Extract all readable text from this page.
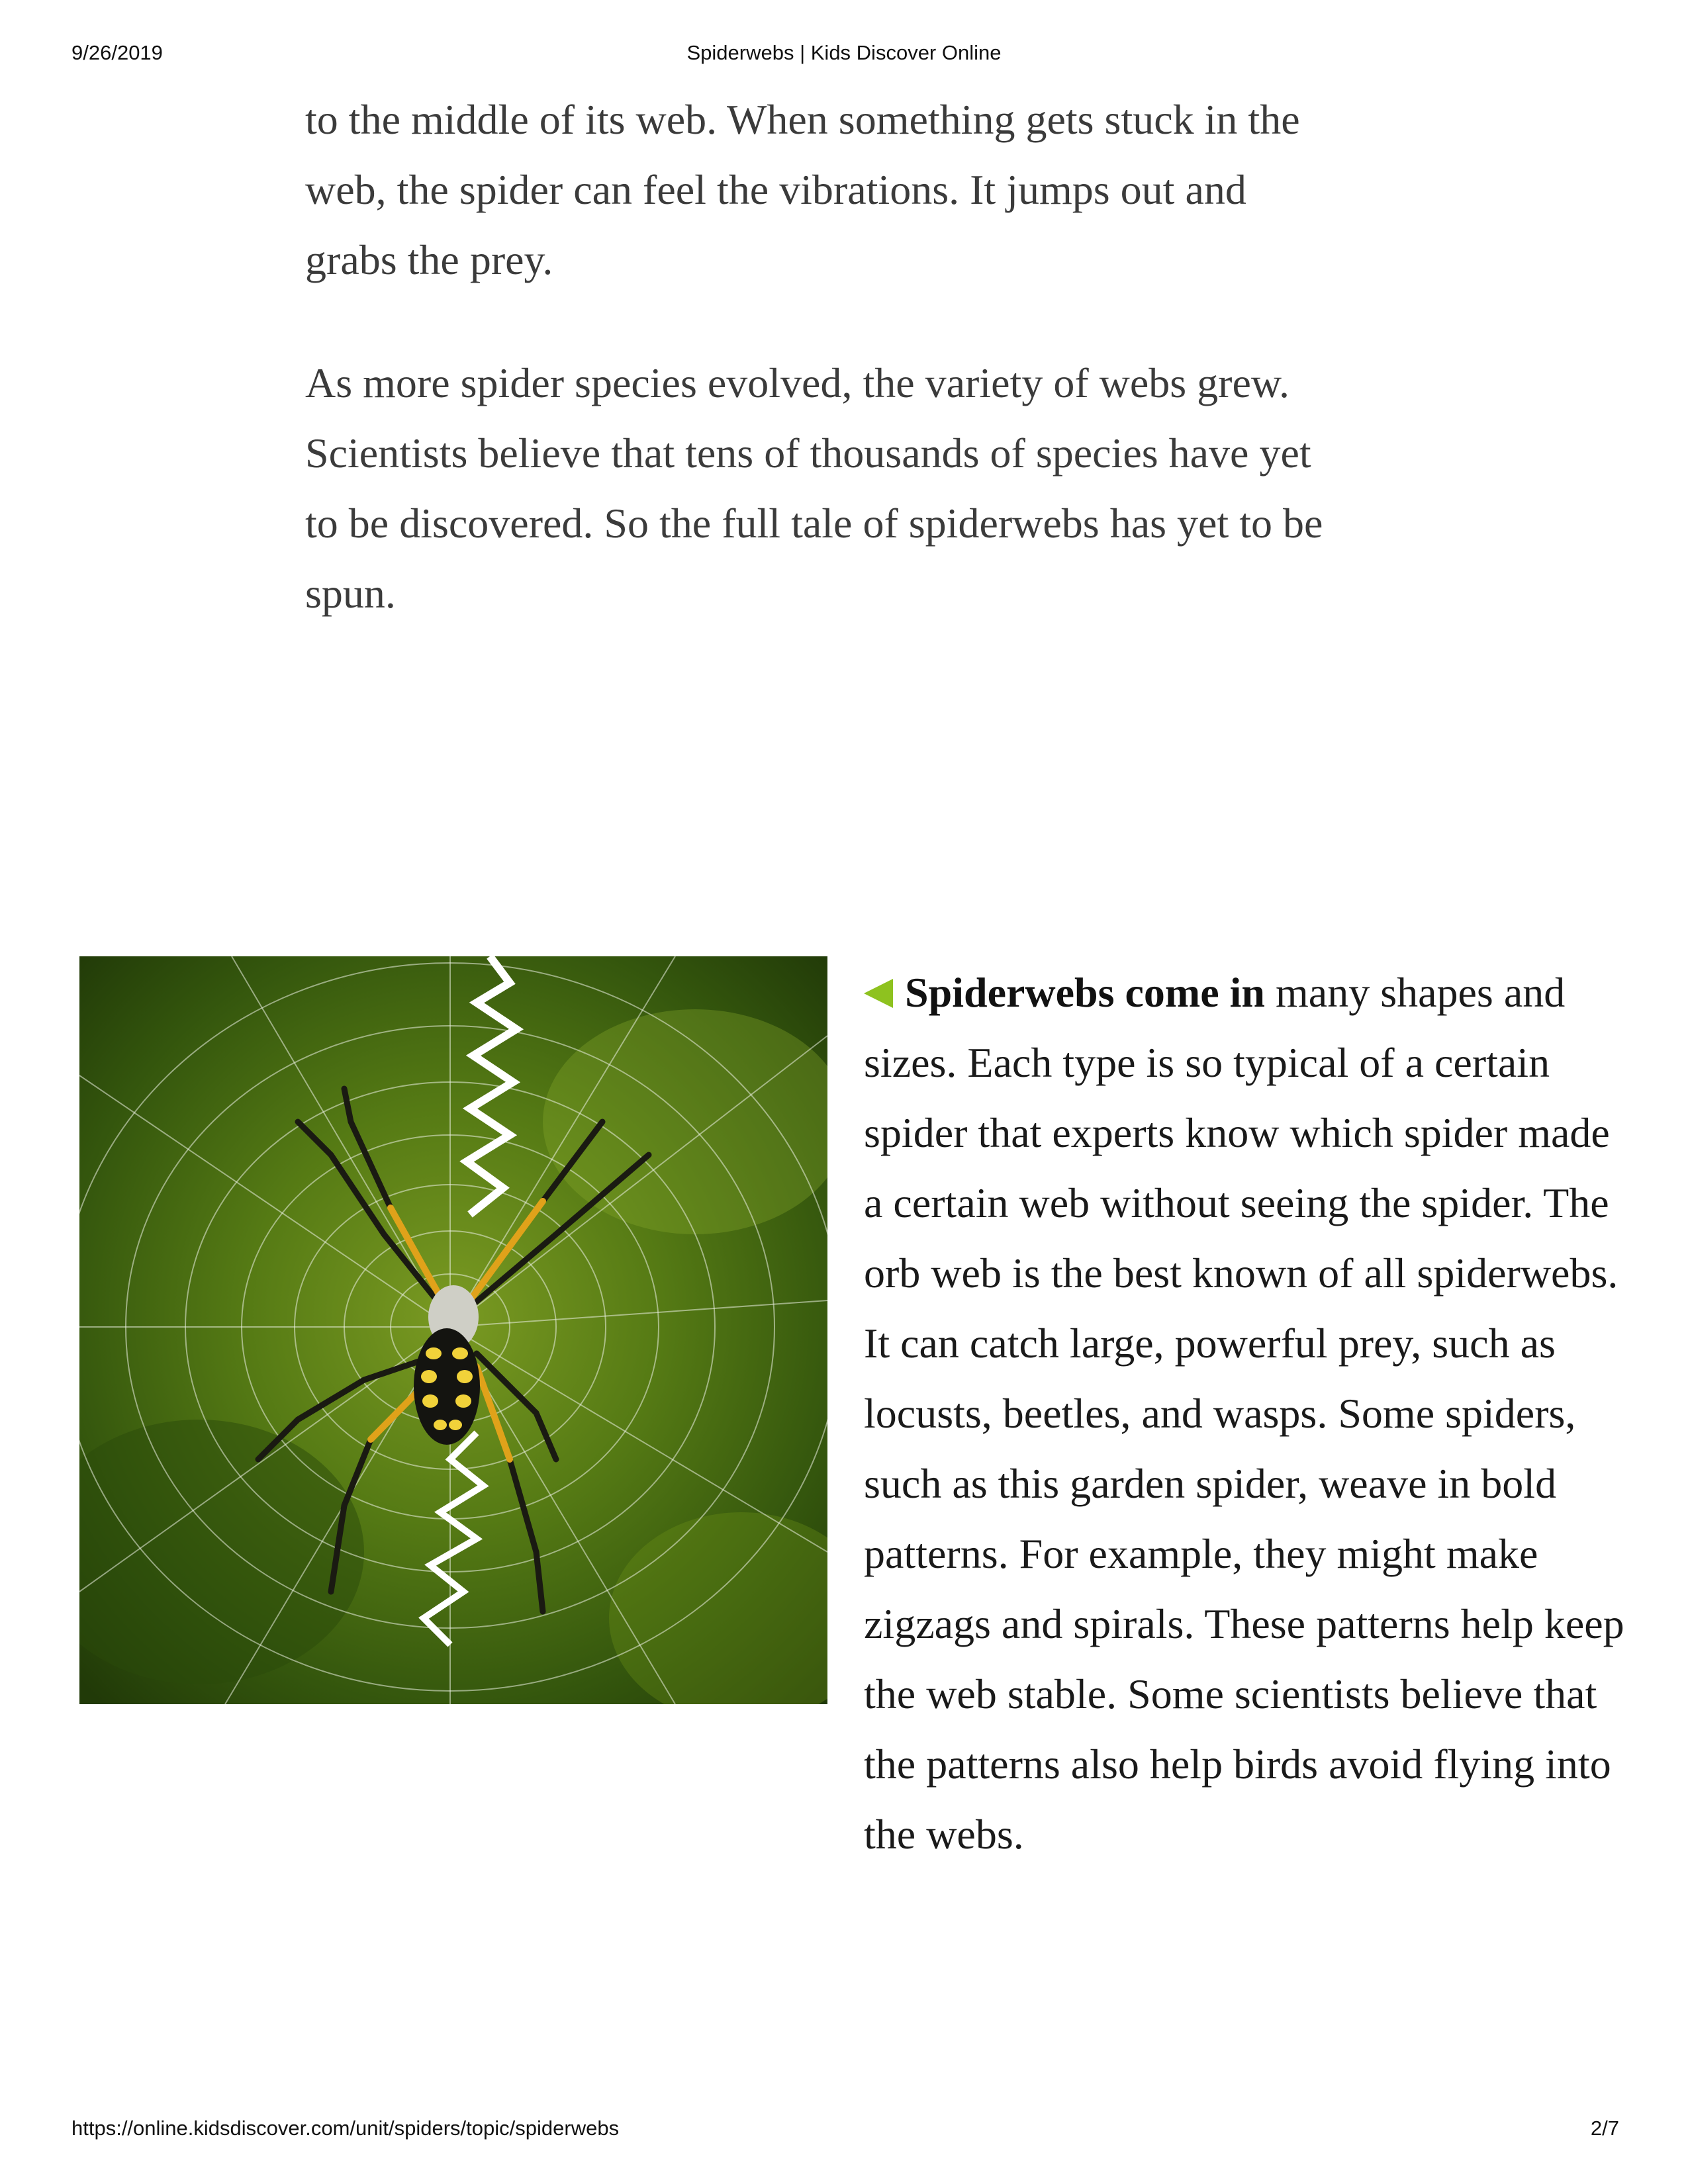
9/26/2019	Spiderwebs | Kids Discover Online

to the middle of its web. When something gets stuck in the web, the spider can feel the vibrations. It jumps out and grabs the prey.

As more spider species evolved, the variety of webs grew. Scientists believe that tens of thousands of species have yet to be discovered. So the full tale of spiderwebs has yet to be spun.

Spiderwebs come in many shapes and sizes. Each type is so typical of a certain spider that experts know which spider made a certain web without seeing the spider. The orb web is the best known of all spiderwebs. It can catch large, powerful prey, such as locusts, beetles, and wasps. Some spiders, such as this garden spider, weave in bold patterns. For example, they might make zigzags and spirals. These patterns help keep the web stable. Some scientists believe that the patterns also help birds avoid flying into the webs.

https://online.kidsdiscover.com/unit/spiders/topic/spiderwebs	2/7
